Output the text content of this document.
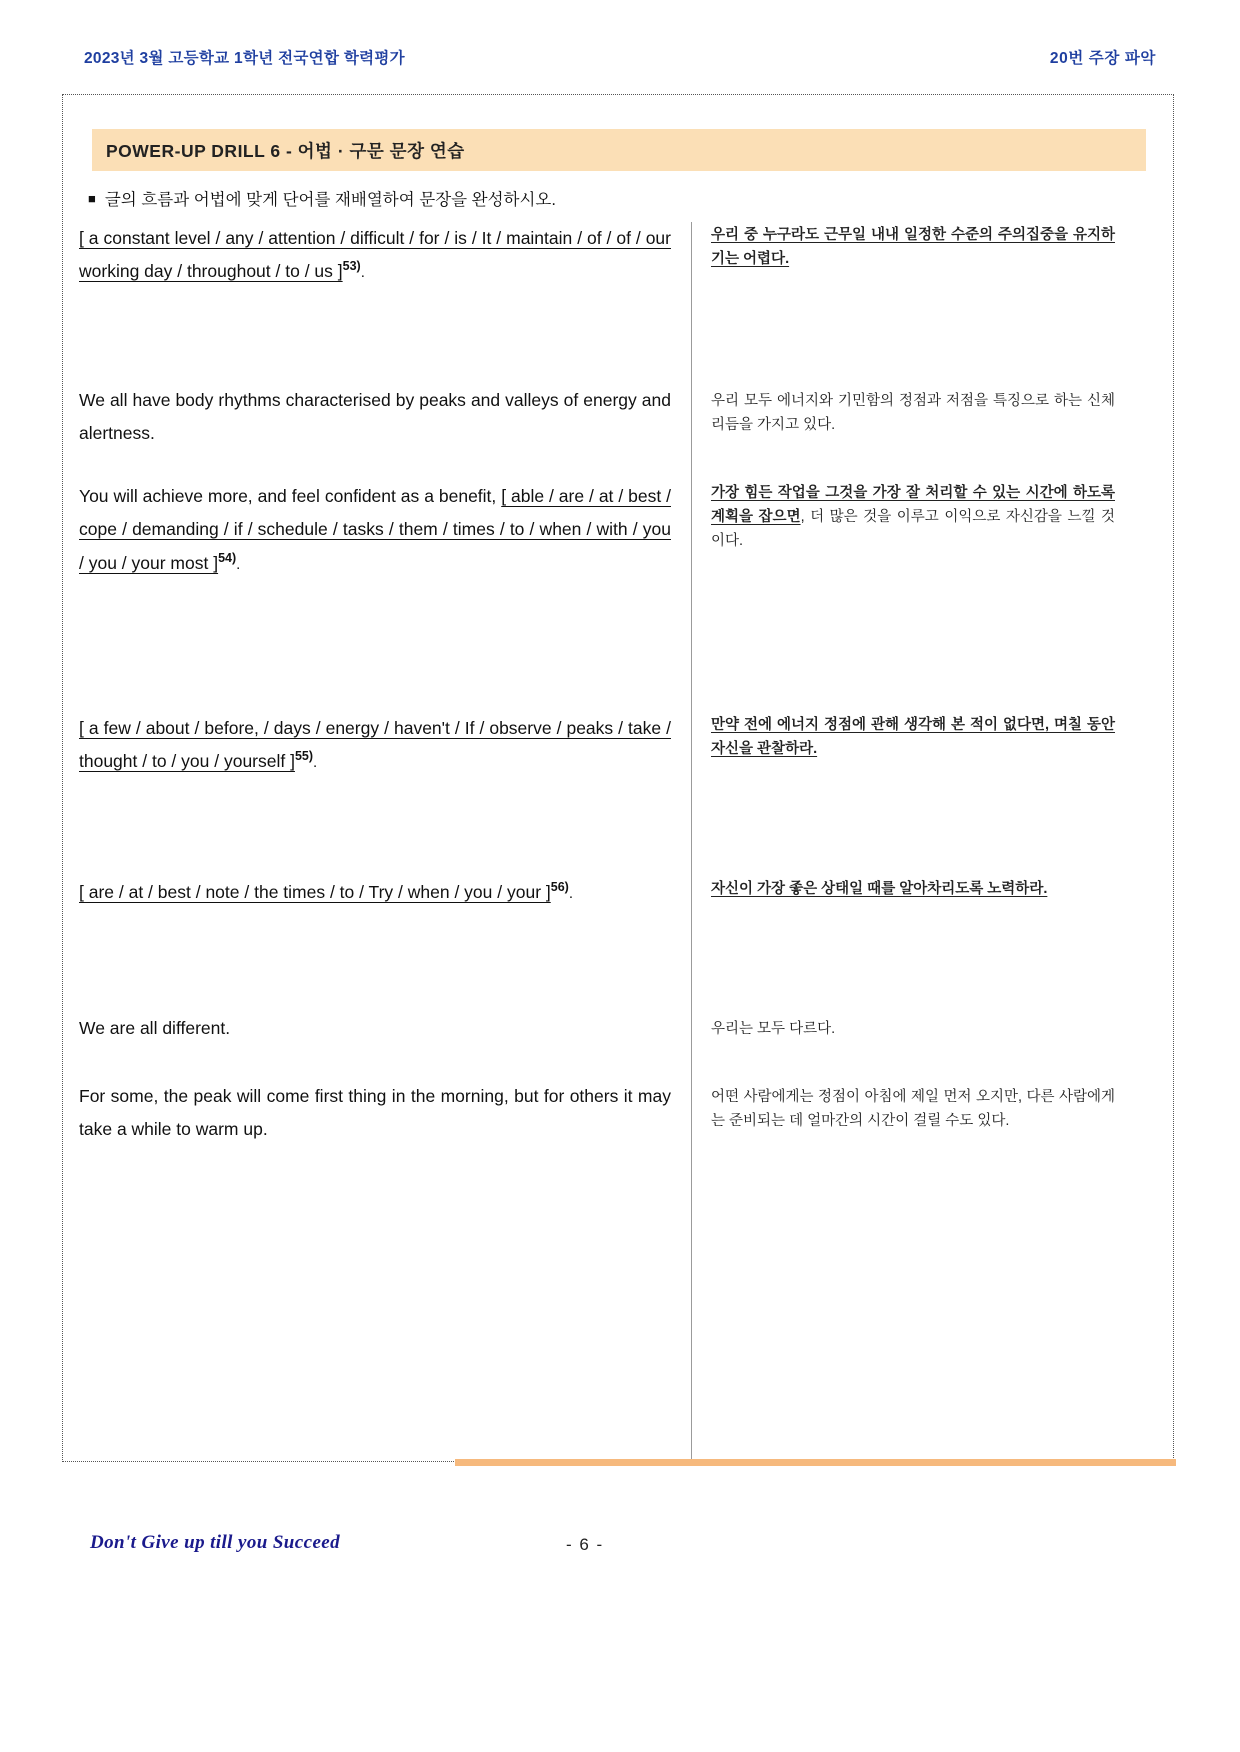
2023년 3월 고등학교 1학년 전국연합 학력평가	20번 주장 파악
POWER-UP DRILL 6 - 어법 · 구문 문장 연습
■ 글의 흐름과 어법에 맞게 단어를 재배열하여 문장을 완성하시오.
[ a constant level / any / attention / difficult / for / is / It / maintain / of / of / our working day / throughout / to / us ]$^{53)}$.
우리 중 누구라도 근무일 내내 일정한 수준의 주의집중을 유지하기는 어렵다.
We all have body rhythms characterised by peaks and valleys of energy and alertness.
우리 모두 에너지와 기민함의 정점과 저점을 특징으로 하는 신체 리듬을 가지고 있다.
You will achieve more, and feel confident as a benefit, [ able / are / at / best / cope / demanding / if / schedule / tasks / them / times / to / when / with / you / you / your most ]$^{54)}$.
가장 힘든 작업을 그것을 가장 잘 처리할 수 있는 시간에 하도록 계획을 잡으면, 더 많은 것을 이루고 이익으로 자신감을 느낄 것이다.
[ a few / about / before, / days / energy / haven't / If / observe / peaks / take / thought / to / you / yourself ]$^{55)}$.
만약 전에 에너지 정점에 관해 생각해 본 적이 없다면, 며칠 동안 자신을 관찰하라.
[ are / at / best / note / the times / to / Try / when / you / your ]$^{56)}$.	자신이 가장 좋은 상태일 때를 알아차리도록 노력하라.
We are all different.	우리는 모두 다르다.
For some, the peak will come first thing in the morning, but for others it may take a while to warm up.
어떤 사람에게는 정점이 아침에 제일 먼저 오지만, 다른 사람에게는 준비되는 데 얼마간의 시간이 걸릴 수도 있다.
Don't Give up till you Succeed	- 6 -
